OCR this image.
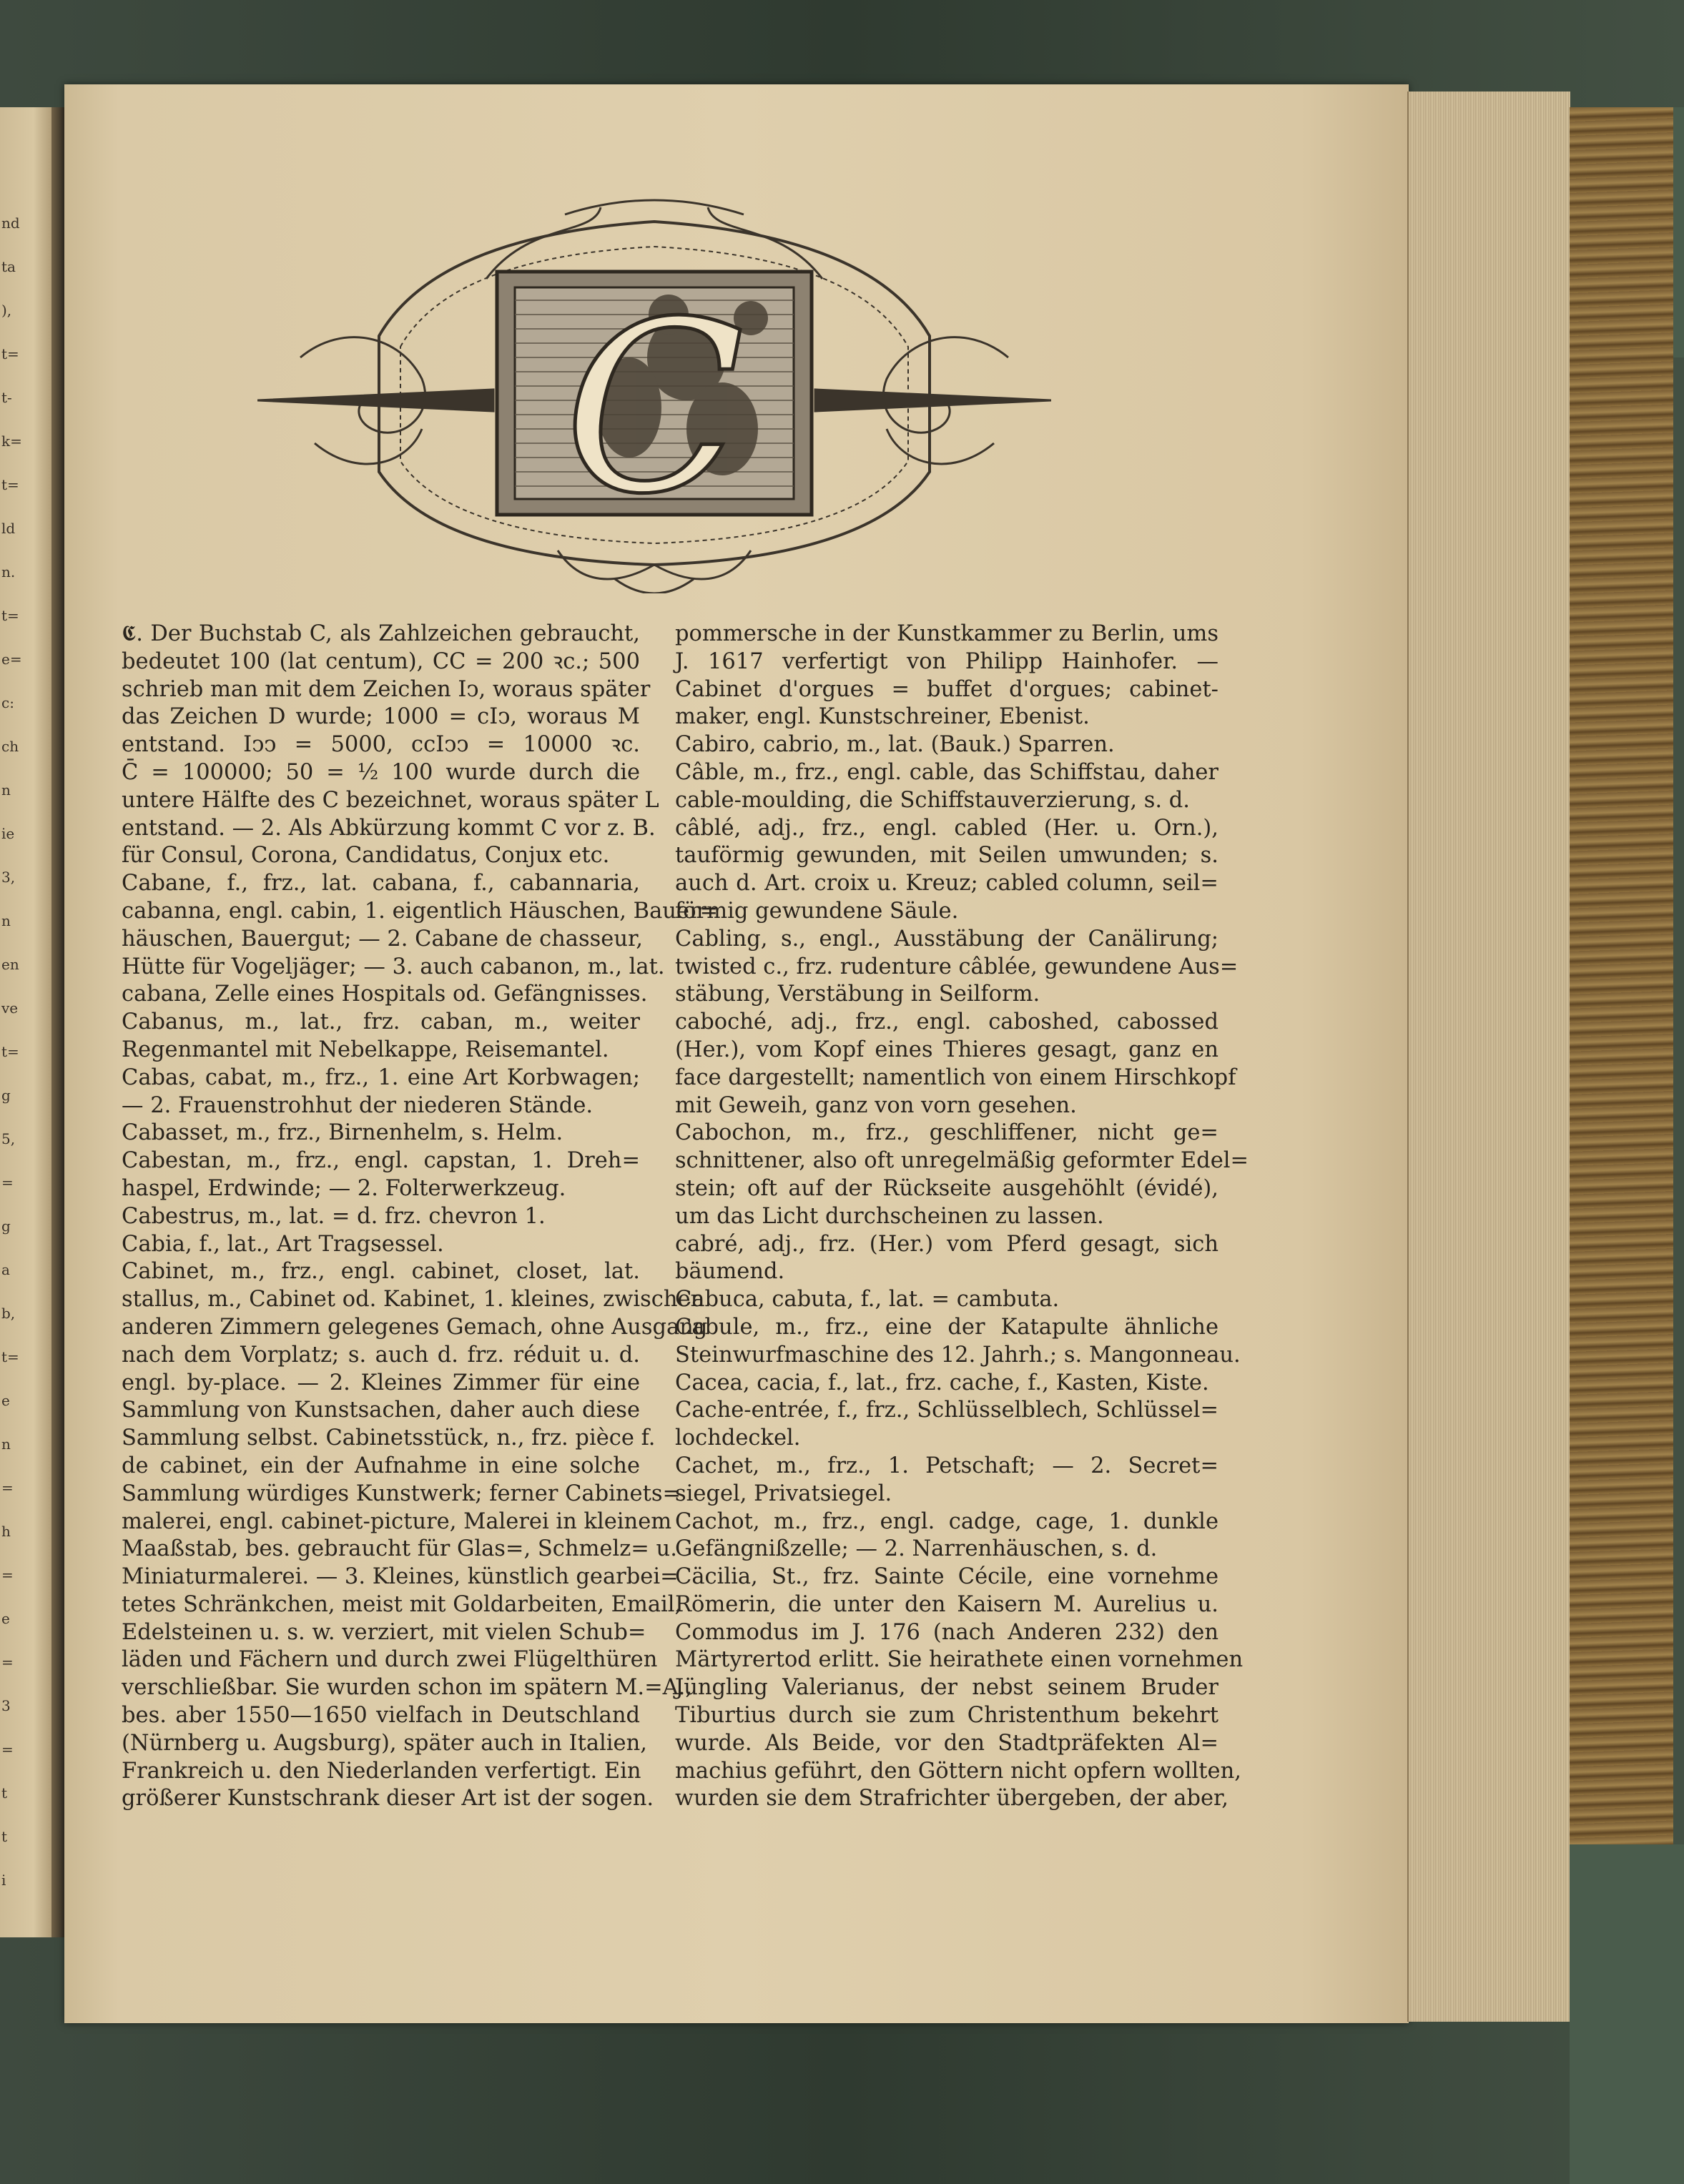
nd
ta
),
t=
t-
k=
t=
ld
n.
t=
e=
c:
ch
n
ie
3,
n
en
ve
t=
g
5,
=
g
a
b,
t=
e
n
=
h
=
e
=
3
=
t
t
i
C
𝕮. Der Buchstab C, als Zahlzeichen gebraucht,
bedeutet 100 (lat centum), CC = 200 ꝛc.; 500
schrieb man mit dem Zeichen Iↄ, woraus später
das Zeichen D wurde; 1000 = cIↄ, woraus M
entstand. Iↄↄ = 5000, ccIↄↄ = 10000 ꝛc.
C̄ = 100000; 50 = ½ 100 wurde durch die
untere Hälfte des C bezeichnet, woraus später L
entstand. — 2. Als Abkürzung kommt C vor z. B.
für Consul, Corona, Candidatus, Conjux etc.
Cabane, f., frz., lat. cabana, f., cabannaria,
cabanna, engl. cabin, 1. eigentlich Häuschen, Bauer=
häuschen, Bauergut; — 2. Cabane de chasseur,
Hütte für Vogeljäger; — 3. auch cabanon, m., lat.
cabana, Zelle eines Hospitals od. Gefängnisses.
Cabanus, m., lat., frz. caban, m., weiter
Regenmantel mit Nebelkappe, Reisemantel.
Cabas, cabat, m., frz., 1. eine Art Korbwagen;
— 2. Frauenstrohhut der niederen Stände.
Cabasset, m., frz., Birnenhelm, s. Helm.
Cabestan, m., frz., engl. capstan, 1. Dreh=
haspel, Erdwinde; — 2. Folterwerkzeug.
Cabestrus, m., lat. = d. frz. chevron 1.
Cabia, f., lat., Art Tragsessel.
Cabinet, m., frz., engl. cabinet, closet, lat.
stallus, m., Cabinet od. Kabinet, 1. kleines, zwischen
anderen Zimmern gelegenes Gemach, ohne Ausgang
nach dem Vorplatz; s. auch d. frz. réduit u. d.
engl. by-place. — 2. Kleines Zimmer für eine
Sammlung von Kunstsachen, daher auch diese
Sammlung selbst. Cabinetsstück, n., frz. pièce f.
de cabinet, ein der Aufnahme in eine solche
Sammlung würdiges Kunstwerk; ferner Cabinets=
malerei, engl. cabinet-picture, Malerei in kleinem
Maaßstab, bes. gebraucht für Glas=, Schmelz= u.
Miniaturmalerei. — 3. Kleines, künstlich gearbei=
tetes Schränkchen, meist mit Goldarbeiten, Email,
Edelsteinen u. s. w. verziert, mit vielen Schub=
läden und Fächern und durch zwei Flügelthüren
verschließbar. Sie wurden schon im spätern M.=A.,
bes. aber 1550—1650 vielfach in Deutschland
(Nürnberg u. Augsburg), später auch in Italien,
Frankreich u. den Niederlanden verfertigt. Ein
größerer Kunstschrank dieser Art ist der sogen.
pommersche in der Kunstkammer zu Berlin, ums
J. 1617 verfertigt von Philipp Hainhofer. —
Cabinet d'orgues = buffet d'orgues; cabinet-
maker, engl. Kunstschreiner, Ebenist.
Cabiro, cabrio, m., lat. (Bauk.) Sparren.
Câble, m., frz., engl. cable, das Schiffstau, daher
cable-moulding, die Schiffstauverzierung, s. d.
câblé, adj., frz., engl. cabled (Her. u. Orn.),
tauförmig gewunden, mit Seilen umwunden; s.
auch d. Art. croix u. Kreuz; cabled column, seil=
förmig gewundene Säule.
Cabling, s., engl., Ausstäbung der Canälirung;
twisted c., frz. rudenture câblée, gewundene Aus=
stäbung, Verstäbung in Seilform.
caboché, adj., frz., engl. caboshed, cabossed
(Her.), vom Kopf eines Thieres gesagt, ganz en
face dargestellt; namentlich von einem Hirschkopf
mit Geweih, ganz von vorn gesehen.
Cabochon, m., frz., geschliffener, nicht ge=
schnittener, also oft unregelmäßig geformter Edel=
stein; oft auf der Rückseite ausgehöhlt (évidé),
um das Licht durchscheinen zu lassen.
cabré, adj., frz. (Her.) vom Pferd gesagt, sich
bäumend.
Cabuca, cabuta, f., lat. = cambuta.
Cabule, m., frz., eine der Katapulte ähnliche
Steinwurfmaschine des 12. Jahrh.; s. Mangonneau.
Cacea, cacia, f., lat., frz. cache, f., Kasten, Kiste.
Cache-entrée, f., frz., Schlüsselblech, Schlüssel=
lochdeckel.
Cachet, m., frz., 1. Petschaft; — 2. Secret=
siegel, Privatsiegel.
Cachot, m., frz., engl. cadge, cage, 1. dunkle
Gefängnißzelle; — 2. Narrenhäuschen, s. d.
Cäcilia, St., frz. Sainte Cécile, eine vornehme
Römerin, die unter den Kaisern M. Aurelius u.
Commodus im J. 176 (nach Anderen 232) den
Märtyrertod erlitt. Sie heirathete einen vornehmen
Jüngling Valerianus, der nebst seinem Bruder
Tiburtius durch sie zum Christenthum bekehrt
wurde. Als Beide, vor den Stadtpräfekten Al=
machius geführt, den Göttern nicht opfern wollten,
wurden sie dem Strafrichter übergeben, der aber,
